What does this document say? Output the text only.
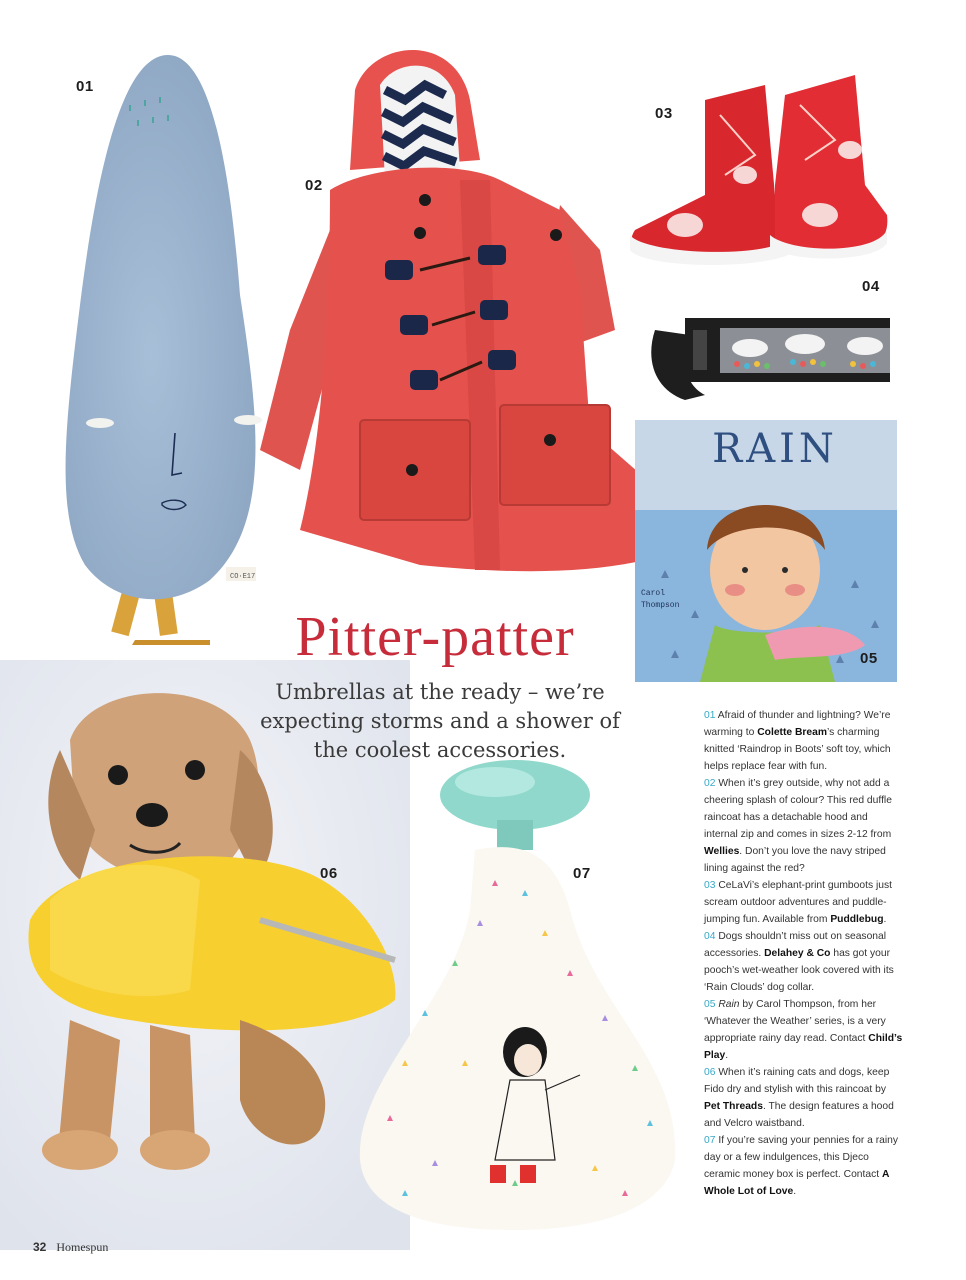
CO·E17
RAIN
Carol Thompson
01
02
03
04
05
06	07
Pitter-patter
Umbrellas at the ready – we’re expecting storms and a shower of the coolest accessories.

01 Afraid of thunder and lightning? We’re warming to Colette Bream’s charming knitted ‘Raindrop in Boots’ soft toy, which helps replace fear with fun.

02 When it’s grey outside, why not add a cheering splash of colour? This red duffle raincoat has a detachable hood and internal zip and comes in sizes 2-12 from Wellies. Don’t you love the navy striped lining against the red?

03 CeLaVi’s elephant-print gumboots just scream outdoor adventures and puddle-jumping fun. Available from Puddlebug.

04 Dogs shouldn’t miss out on seasonal accessories. Delahey & Co has got your pooch’s wet-weather look covered with its ‘Rain Clouds’ dog collar.

05 Rain by Carol Thompson, from her ‘Whatever the Weather’ series, is a very appropriate rainy day read. Contact Child’s Play.

06 When it’s raining cats and dogs, keep Fido dry and stylish with this raincoat by Pet Threads. The design features a hood and Velcro waistband.

07 If you’re saving your pennies for a rainy day or a few indulgences, this Djeco ceramic money box is perfect. Contact A Whole Lot of Love.

32 Homespun
